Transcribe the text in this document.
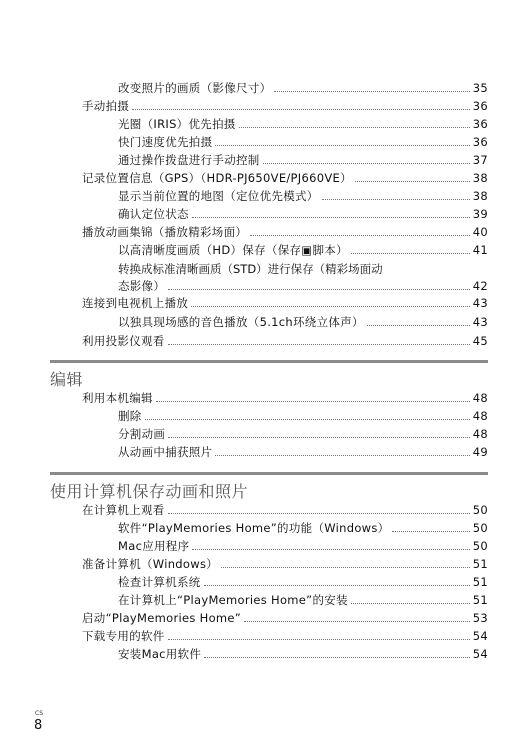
改变照片的画质（影像尺寸）	35
手动拍摄	36
光圈（IRIS）优先拍摄	36
快门速度优先拍摄	36
通过操作拨盘进行手动控制	37
记录位置信息（GPS）（HDR-PJ650VE/PJ660VE）	38
显示当前位置的地图（定位优先模式）	38
确认定位状态	39
播放动画集锦（播放精彩场面）	40
以高清晰度画质（HD）保存（保存▣脚本）	41
转换成标准清晰画质（STD）进行保存（精彩场面动
态影像）	42
连接到电视机上播放	43
以独具现场感的音色播放（5.1ch环绕立体声）	43
利用投影仪观看	45
编辑
利用本机编辑	48
删除	48
分割动画	48
从动画中捕获照片	49
使用计算机保存动画和照片
在计算机上观看	50
软件“PlayMemories Home”的功能（Windows）	50
Mac应用程序	50
准备计算机（Windows）	51
检查计算机系统	51
在计算机上“PlayMemories Home”的安装	51
启动“PlayMemories Home”	53
下载专用的软件	54
安装Mac用软件	54
CS
8
